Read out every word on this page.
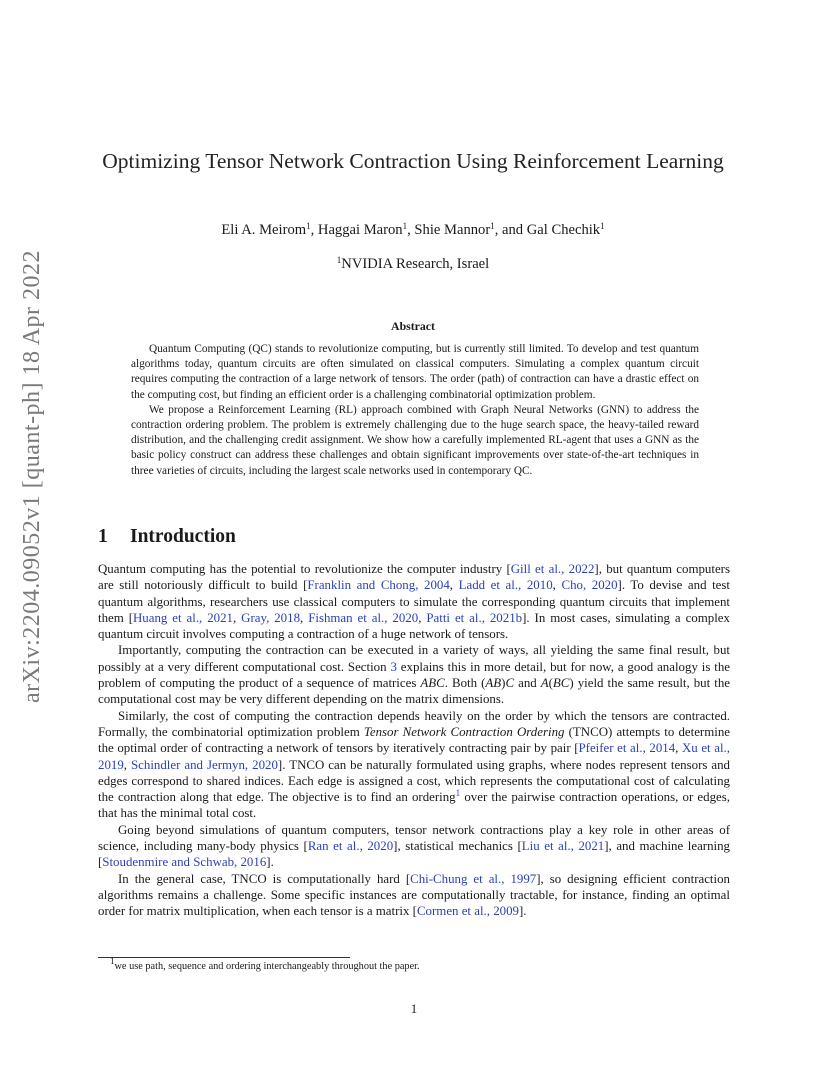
arXiv:2204.09052v1 [quant-ph] 18 Apr 2022
Optimizing Tensor Network Contraction Using Reinforcement Learning
Eli A. Meirom$^1$, Haggai Maron$^1$, Shie Mannor$^1$, and Gal Chechik$^1$
$^1$NVIDIA Research, Israel
Abstract

Quantum Computing (QC) stands to revolutionize computing, but is currently still limited. To develop and test quantum algorithms today, quantum circuits are often simulated on classical computers. Simulating a complex quantum circuit requires computing the contraction of a large network of tensors. The order (path) of contraction can have a drastic effect on the computing cost, but finding an efficient order is a challenging combinatorial optimization problem.

We propose a Reinforcement Learning (RL) approach combined with Graph Neural Networks (GNN) to address the contraction ordering problem. The problem is extremely challenging due to the huge search space, the heavy-tailed reward distribution, and the challenging credit assignment. We show how a carefully implemented RL-agent that uses a GNN as the basic policy construct can address these challenges and obtain significant improvements over state-of-the-art techniques in three varieties of circuits, including the largest scale networks used in contemporary QC.

1 Introduction

Quantum computing has the potential to revolutionize the computer industry [Gill et al., 2022], but quantum computers are still notoriously difficult to build [Franklin and Chong, 2004, Ladd et al., 2010, Cho, 2020]. To devise and test quantum algorithms, researchers use classical computers to simulate the corresponding quantum circuits that implement them [Huang et al., 2021, Gray, 2018, Fishman et al., 2020, Patti et al., 2021b]. In most cases, simulating a complex quantum circuit involves computing a contraction of a huge network of tensors.

Importantly, computing the contraction can be executed in a variety of ways, all yielding the same final result, but possibly at a very different computational cost. Section 3 explains this in more detail, but for now, a good analogy is the problem of computing the product of a sequence of matrices ABC. Both (AB)C and A(BC) yield the same result, but the computational cost may be very different depending on the matrix dimensions.

Similarly, the cost of computing the contraction depends heavily on the order by which the tensors are contracted. Formally, the combinatorial optimization problem Tensor Network Contraction Ordering (TNCO) attempts to determine the optimal order of contracting a network of tensors by iteratively contracting pair by pair [Pfeifer et al., 2014, Xu et al., 2019, Schindler and Jermyn, 2020]. TNCO can be naturally formulated using graphs, where nodes represent tensors and edges correspond to shared indices. Each edge is assigned a cost, which represents the computational cost of calculating the contraction along that edge. The objective is to find an ordering$^1$ over the pairwise contraction operations, or edges, that has the minimal total cost.

Going beyond simulations of quantum computers, tensor network contractions play a key role in other areas of science, including many-body physics [Ran et al., 2020], statistical mechanics [Liu et al., 2021], and machine learning [Stoudenmire and Schwab, 2016].

In the general case, TNCO is computationally hard [Chi-Chung et al., 1997], so designing efficient contraction algorithms remains a challenge. Some specific instances are computationally tractable, for instance, finding an optimal order for matrix multiplication, when each tensor is a matrix [Cormen et al., 2009].

$^1$we use path, sequence and ordering interchangeably throughout the paper.
1
